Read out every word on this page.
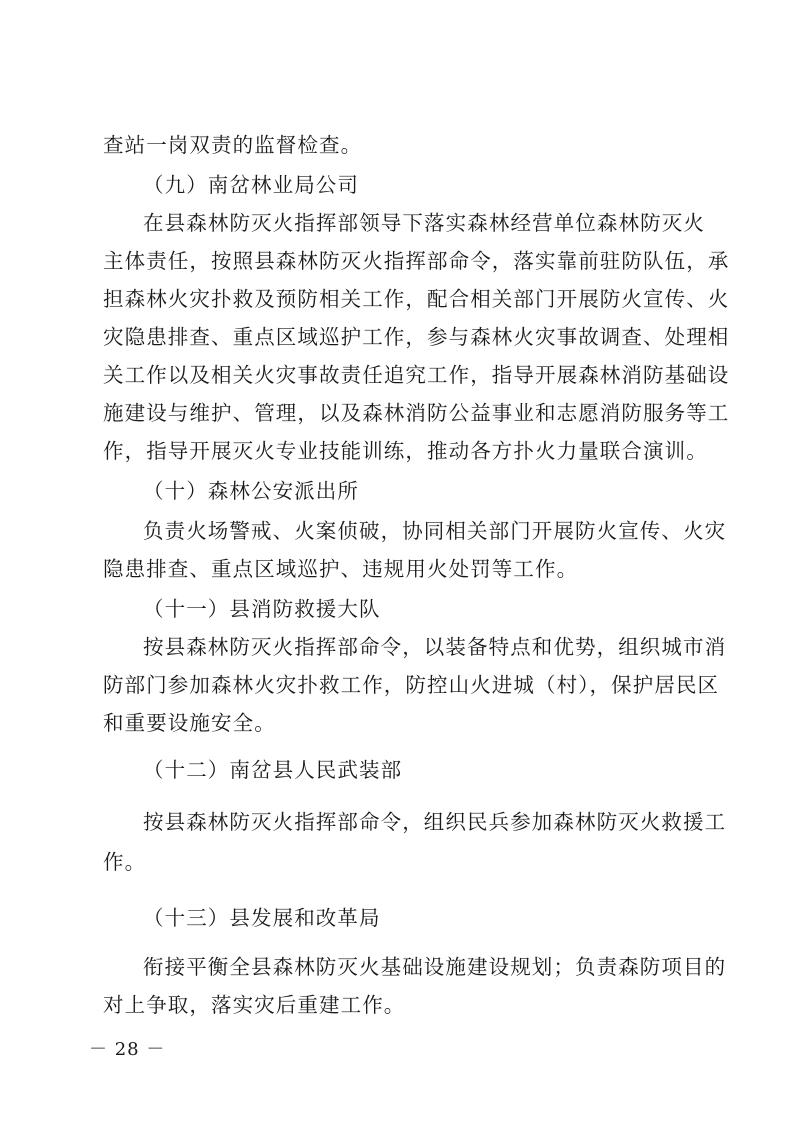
查站一岗双责的监督检查。
（九）南岔林业局公司
在县森林防灭火指挥部领导下落实森林经营单位森林防灭火
主体责任，按照县森林防灭火指挥部命令，落实靠前驻防队伍，承
担森林火灾扑救及预防相关工作，配合相关部门开展防火宣传、火
灾隐患排查、重点区域巡护工作，参与森林火灾事故调查、处理相
关工作以及相关火灾事故责任追究工作，指导开展森林消防基础设
施建设与维护、管理，以及森林消防公益事业和志愿消防服务等工
作，指导开展灭火专业技能训练，推动各方扑火力量联合演训。
（十）森林公安派出所
负责火场警戒、火案侦破，协同相关部门开展防火宣传、火灾
隐患排查、重点区域巡护、违规用火处罚等工作。
（十一）县消防救援大队
按县森林防灭火指挥部命令，以装备特点和优势，组织城市消
防部门参加森林火灾扑救工作，防控山火进城（村），保护居民区
和重要设施安全。
（十二）南岔县人民武装部
按县森林防灭火指挥部命令，组织民兵参加森林防灭火救援工
作。
（十三）县发展和改革局
衔接平衡全县森林防灭火基础设施建设规划；负责森防项目的
对上争取，落实灾后重建工作。
－ 28 －
